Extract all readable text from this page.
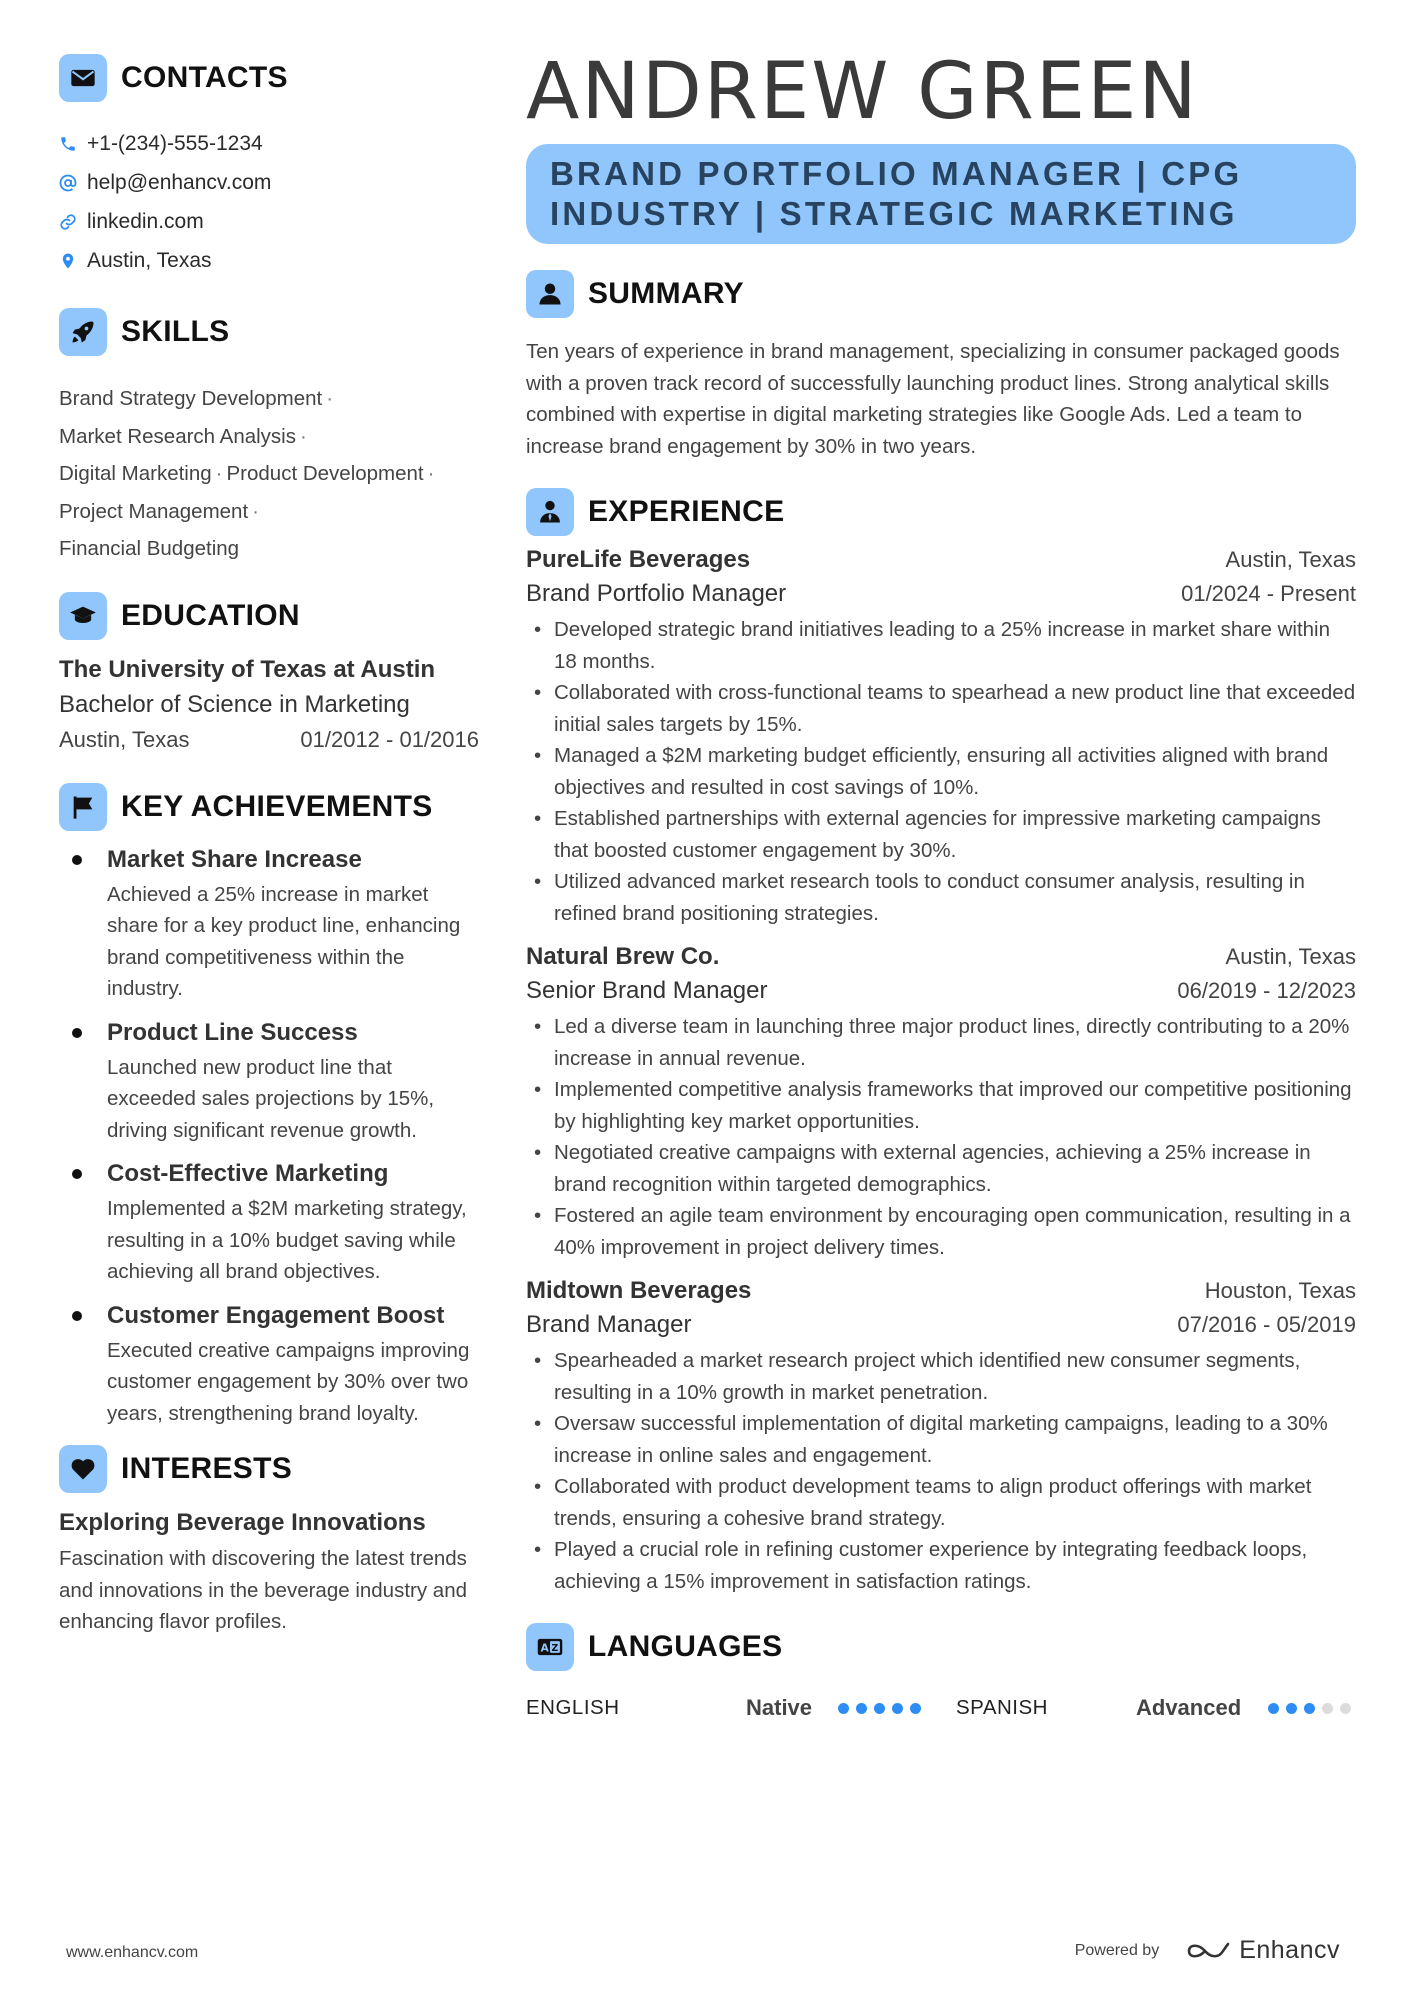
CONTACTS
+1-(234)-555-1234
help@enhancv.com
linkedin.com
Austin, Texas
SKILLS
Brand Strategy Development ·
Market Research Analysis ·
Digital Marketing · Product Development ·
Project Management ·
Financial Budgeting
EDUCATION
The University of Texas at Austin
Bachelor of Science in Marketing
Austin, Texas	01/2012 - 01/2016
KEY ACHIEVEMENTS
Market Share Increase
Achieved a 25% increase in market share for a key product line, enhancing brand competitiveness within the industry.
Product Line Success
Launched new product line that exceeded sales projections by 15%, driving significant revenue growth.
Cost-Effective Marketing
Implemented a $2M marketing strategy, resulting in a 10% budget saving while achieving all brand objectives.
Customer Engagement Boost
Executed creative campaigns improving customer engagement by 30% over two years, strengthening brand loyalty.
INTERESTS
Exploring Beverage Innovations
Fascination with discovering the latest trends and innovations in the beverage industry and enhancing flavor profiles.
ANDREW GREEN
BRAND PORTFOLIO MANAGER | CPG INDUSTRY | STRATEGIC MARKETING
SUMMARY
Ten years of experience in brand management, specializing in consumer packaged goods with a proven track record of successfully launching product lines. Strong analytical skills combined with expertise in digital marketing strategies like Google Ads. Led a team to increase brand engagement by 30% in two years.
EXPERIENCE
PureLife Beverages	Austin, Texas
Brand Portfolio Manager	01/2024 - Present
• Developed strategic brand initiatives leading to a 25% increase in market share within 18 months.
• Collaborated with cross-functional teams to spearhead a new product line that exceeded initial sales targets by 15%.
• Managed a $2M marketing budget efficiently, ensuring all activities aligned with brand objectives and resulted in cost savings of 10%.
• Established partnerships with external agencies for impressive marketing campaigns that boosted customer engagement by 30%.
• Utilized advanced market research tools to conduct consumer analysis, resulting in refined brand positioning strategies.
Natural Brew Co.	Austin, Texas
Senior Brand Manager	06/2019 - 12/2023
• Led a diverse team in launching three major product lines, directly contributing to a 20% increase in annual revenue.
• Implemented competitive analysis frameworks that improved our competitive positioning by highlighting key market opportunities.
• Negotiated creative campaigns with external agencies, achieving a 25% increase in brand recognition within targeted demographics.
• Fostered an agile team environment by encouraging open communication, resulting in a 40% improvement in project delivery times.
Midtown Beverages	Houston, Texas
Brand Manager	07/2016 - 05/2019
• Spearheaded a market research project which identified new consumer segments, resulting in a 10% growth in market penetration.
• Oversaw successful implementation of digital marketing campaigns, leading to a 30% increase in online sales and engagement.
• Collaborated with product development teams to align product offerings with market trends, ensuring a cohesive brand strategy.
• Played a crucial role in refining customer experience by integrating feedback loops, achieving a 15% improvement in satisfaction ratings.
A Z LANGUAGES
ENGLISH	Native	SPANISH	Advanced
www.enhancv.com	Powered by	Enhancv
